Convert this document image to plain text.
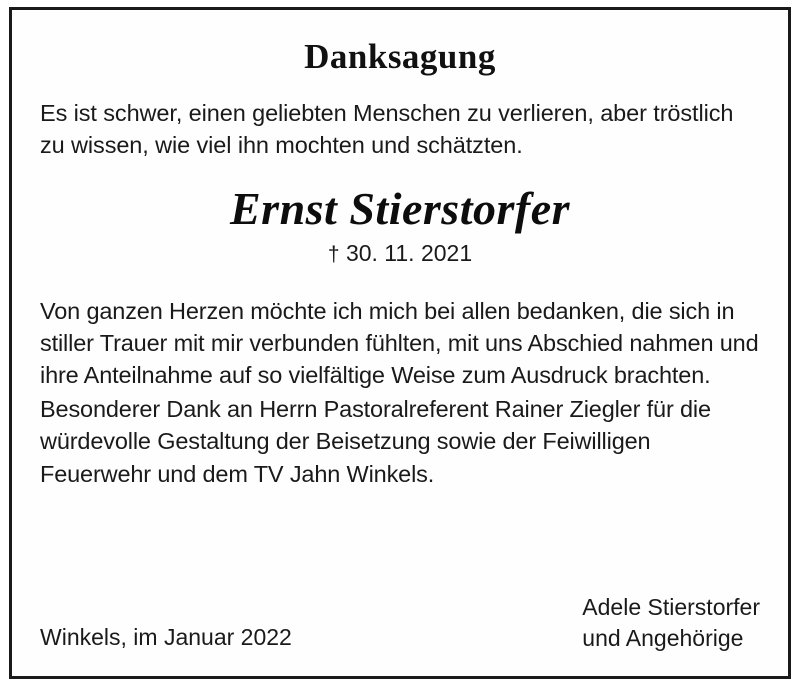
Danksagung

Es ist schwer, einen geliebten Menschen zu verlieren, aber tröstlich zu wissen, wie viel ihn mochten und schätzten.

Ernst Stierstorfer
† 30. 11. 2021

Von ganzen Herzen möchte ich mich bei allen bedanken, die sich in stiller Trauer mit mir verbunden fühlten, mit uns Abschied nahmen und ihre Anteilnahme auf so vielfältige Weise zum Ausdruck brachten.

Besonderer Dank an Herrn Pastoralreferent Rainer Ziegler für die würdevolle Gestaltung der Beisetzung sowie der Feiwilligen Feuerwehr und dem TV Jahn Winkels.

Winkels, im Januar 2022
Adele Stierstorfer
und Angehörige
